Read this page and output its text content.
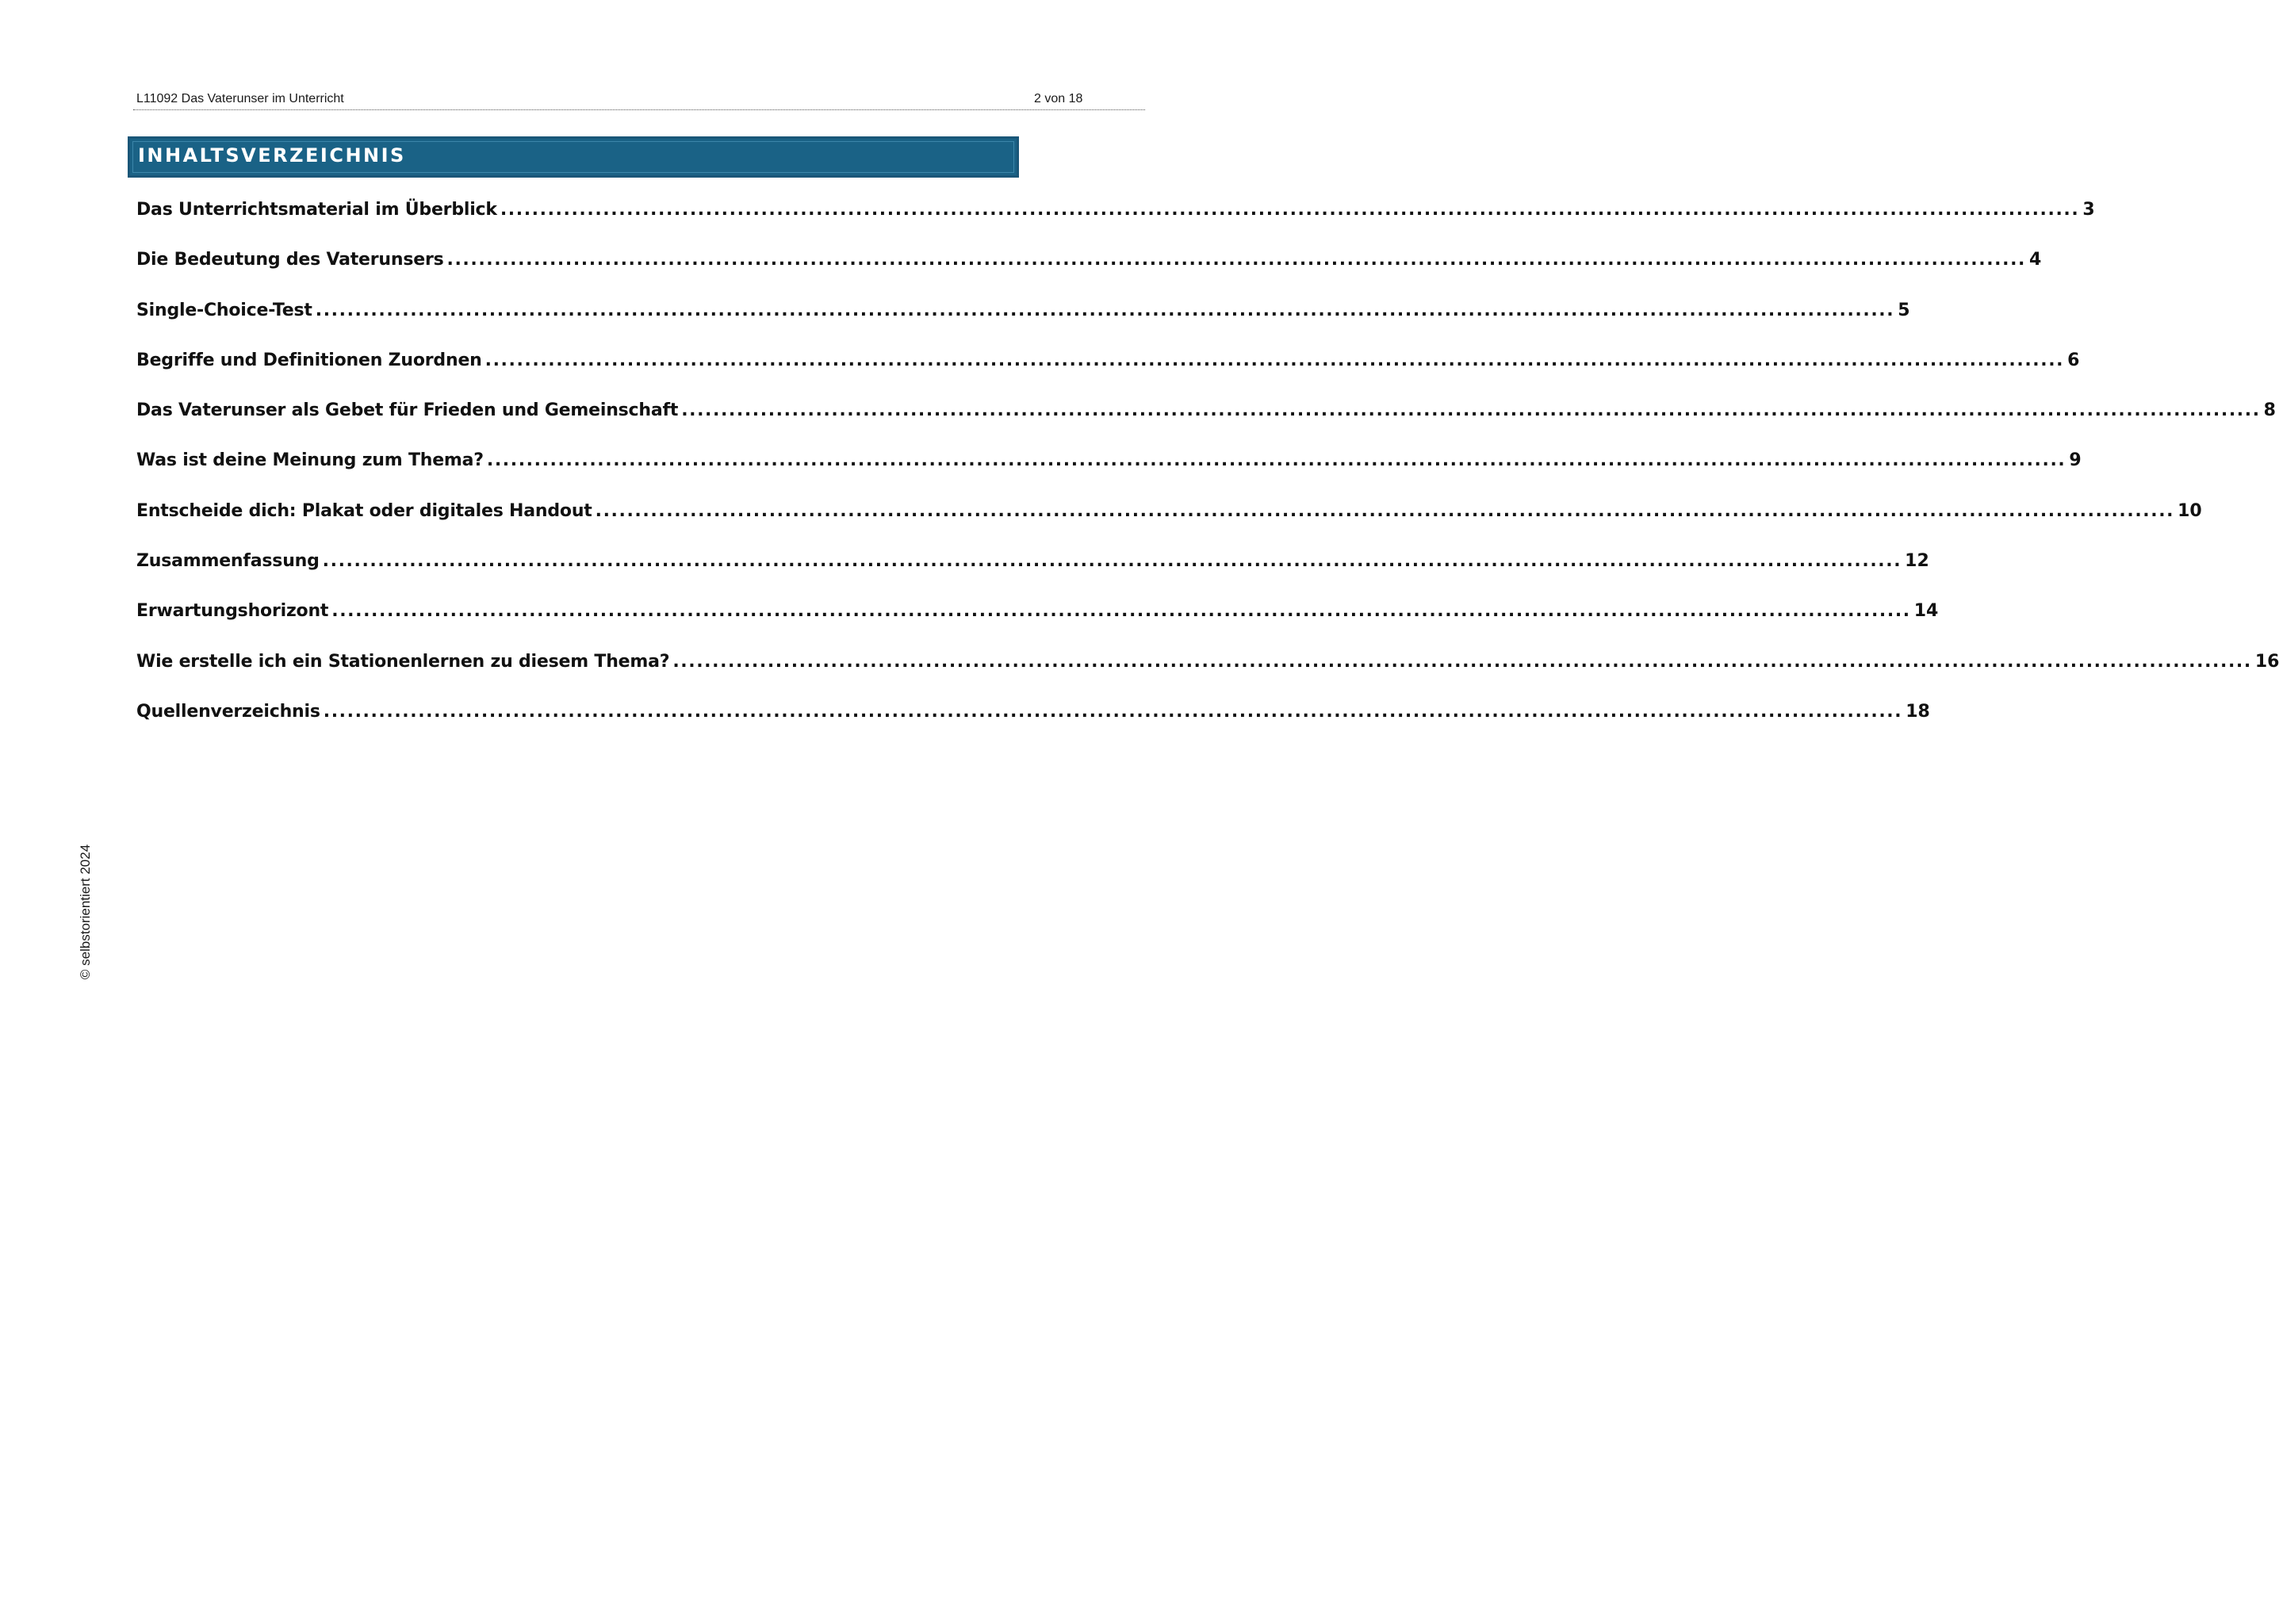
L11092 Das Vaterunser im Unterricht	2 von 18
INHALTSVERZEICHNIS
Das Unterrichtsmaterial im Überblick ........................................................................................................................................................................................................ 3
Die Bedeutung des Vaterunsers ........................................................................................................................................................................................................ 4
Single-Choice-Test ........................................................................................................................................................................................................ 5
Begriffe und Definitionen Zuordnen ........................................................................................................................................................................................................ 6
Das Vaterunser als Gebet für Frieden und Gemeinschaft ........................................................................................................................................................................................................ 8
Was ist deine Meinung zum Thema? ........................................................................................................................................................................................................ 9
Entscheide dich: Plakat oder digitales Handout ........................................................................................................................................................................................................ 10
Zusammenfassung ........................................................................................................................................................................................................ 12
Erwartungshorizont ........................................................................................................................................................................................................ 14
Wie erstelle ich ein Stationenlernen zu diesem Thema? ........................................................................................................................................................................................................ 16
Quellenverzeichnis ........................................................................................................................................................................................................ 18
© selbstorientiert 2024
